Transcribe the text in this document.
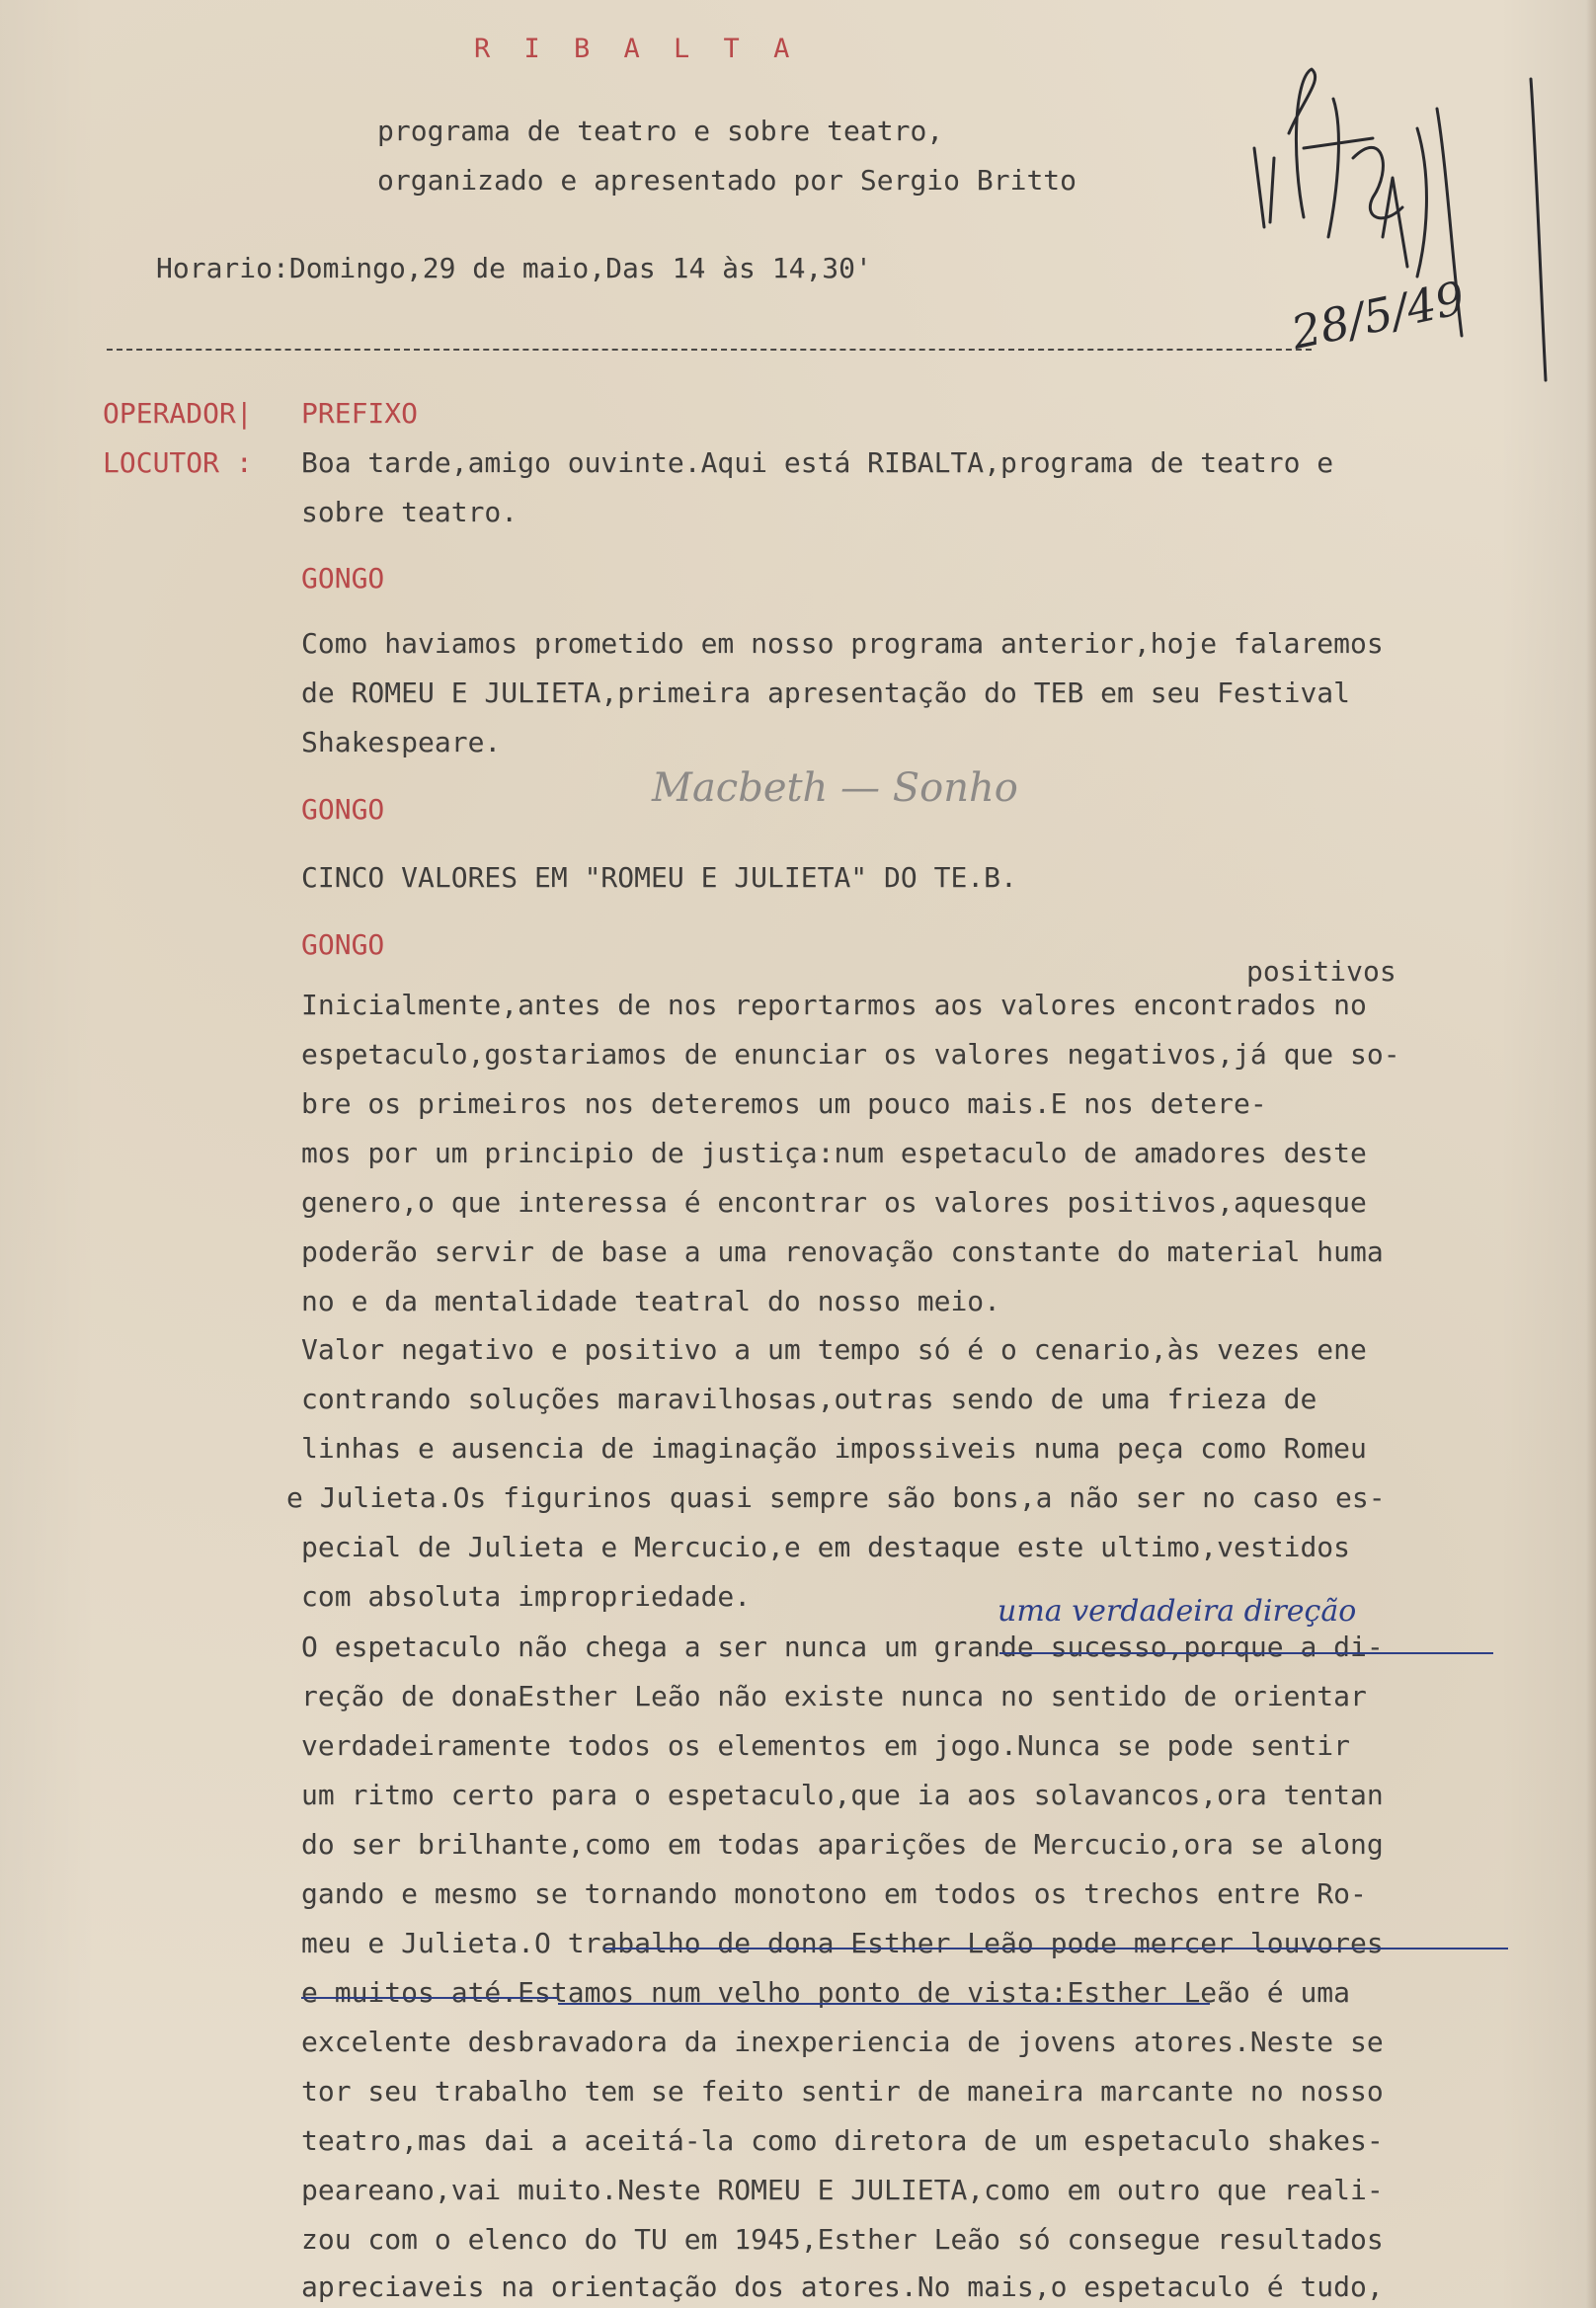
R I B A L T A
programa de teatro e sobre teatro,
organizado e apresentado por Sergio Britto
Horario:Domingo,29 de maio,Das 14 às 14,30'
28/5/49
OPERADOR| PREFIXO
LOCUTOR : Boa tarde,amigo ouvinte.Aqui está RIBALTA,programa de teatro e
sobre teatro.
GONGO
Como haviamos prometido em nosso programa anterior,hoje falaremos
de ROMEU E JULIETA,primeira apresentação do TEB em seu Festival
Shakespeare.
Macbeth — Sonho
GONGO
CINCO VALORES EM "ROMEU E JULIETA" DO TE.B.
GONGO
positivos
Inicialmente,antes de nos reportarmos aos valores encontrados no
espetaculo,gostariamos de enunciar os valores negativos,já que so-
bre os primeiros nos deteremos um pouco mais.E nos detere-
mos por um principio de justiça:num espetaculo de amadores deste
genero,o que interessa é encontrar os valores positivos,aquesque
poderão servir de base a uma renovação constante do material huma
no e da mentalidade teatral do nosso meio.
Valor negativo e positivo a um tempo só é o cenario,às vezes ene
contrando soluções maravilhosas,outras sendo de uma frieza de
linhas e ausencia de imaginação impossiveis numa peça como Romeu
e Julieta.Os figurinos quasi sempre são bons,a não ser no caso es-
pecial de Julieta e Mercucio,e em destaque este ultimo,vestidos
com absoluta impropriedade.	uma verdadeira direção
O espetaculo não chega a ser nunca um grande sucesso,porque a di-
reção de donaEsther Leão não existe nunca no sentido de orientar
verdadeiramente todos os elementos em jogo.Nunca se pode sentir
um ritmo certo para o espetaculo,que ia aos solavancos,ora tentan
do ser brilhante,como em todas aparições de Mercucio,ora se along
gando e mesmo se tornando monotono em todos os trechos entre Ro-
meu e Julieta.O trabalho de dona Esther Leão pode mercer louvores
e muitos até.Estamos num velho ponto de vista:Esther Leão é uma
excelente desbravadora da inexperiencia de jovens atores.Neste se
tor seu trabalho tem se feito sentir de maneira marcante no nosso
teatro,mas dai a aceitá-la como diretora de um espetaculo shakes-
peareano,vai muito.Neste ROMEU E JULIETA,como em outro que reali-
zou com o elenco do TU em 1945,Esther Leão só consegue resultados
apreciaveis na orientação dos atores.No mais,o espetaculo é tudo,
